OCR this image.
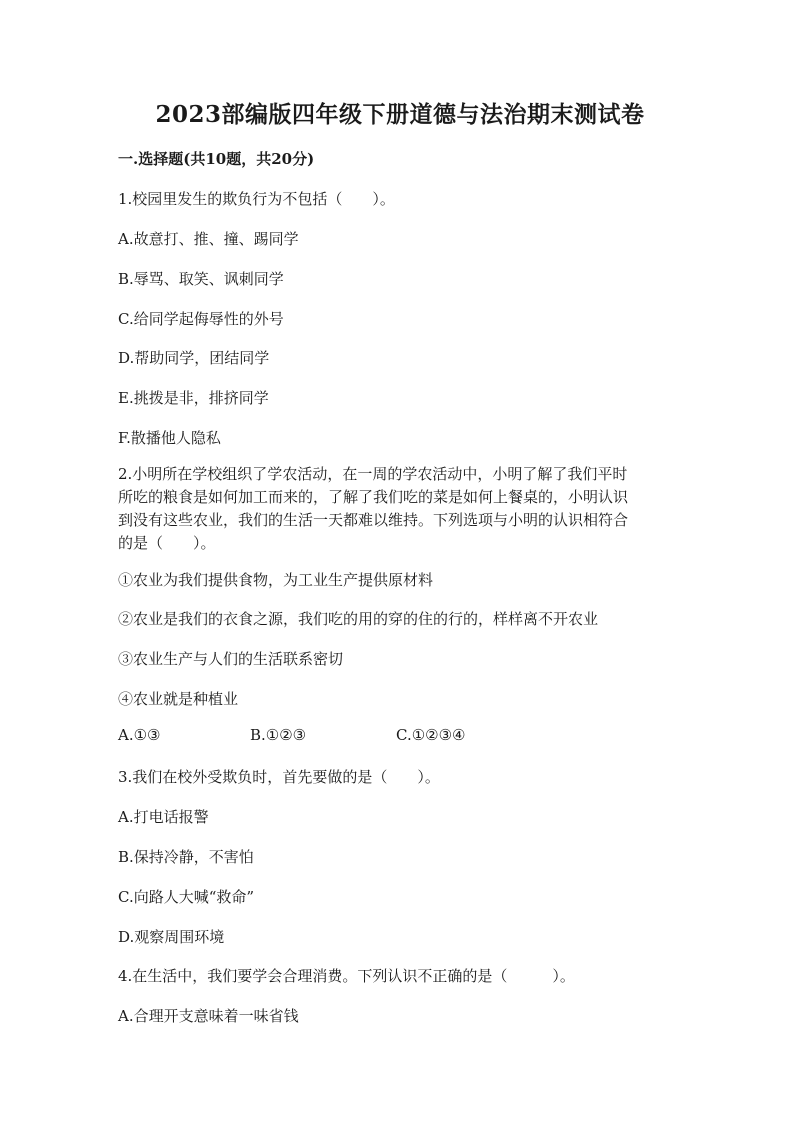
2023部编版四年级下册道德与法治期末测试卷
一.选择题(共10题，共20分)
1.校园里发生的欺负行为不包括（　　）。
A.故意打、推、撞、踢同学
B.辱骂、取笑、讽刺同学
C.给同学起侮辱性的外号
D.帮助同学，团结同学
E.挑拨是非，排挤同学
F.散播他人隐私
2.小明所在学校组织了学农活动，在一周的学农活动中，小明了解了我们平时
所吃的粮食是如何加工而来的，了解了我们吃的菜是如何上餐桌的，小明认识
到没有这些农业，我们的生活一天都难以维持。下列选项与小明的认识相符合
的是（　　）。
①农业为我们提供食物，为工业生产提供原材料
②农业是我们的衣食之源，我们吃的用的穿的住的行的，样样离不开农业
③农业生产与人们的生活联系密切
④农业就是种植业
A.①③	B.①②③	C.①②③④
3.我们在校外受欺负时，首先要做的是（　　）。
A.打电话报警
B.保持冷静，不害怕
C.向路人大喊“救命”
D.观察周围环境
4.在生活中，我们要学会合理消费。下列认识不正确的是（　　　）。
A.合理开支意味着一味省钱
